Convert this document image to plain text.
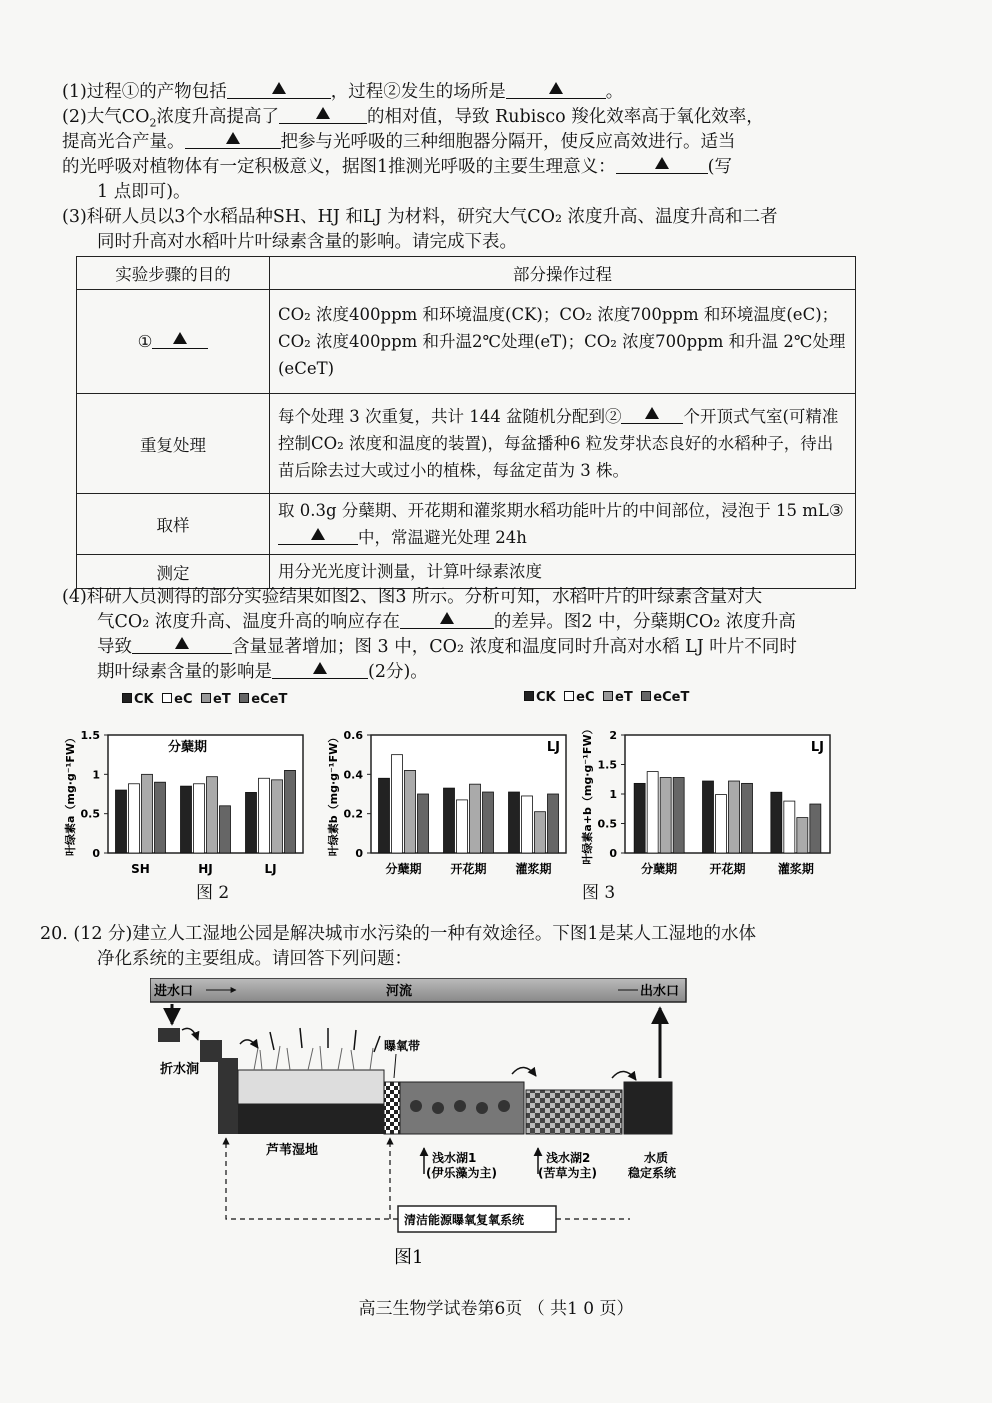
(1)过程①的产物包括	，过程②发生的场所是	。
(2)大气$CO_2$浓度升高提高了	的相对值，导致 Rubisco 羧化效率高于氧化效率，
提高光合产量。	把参与光呼吸的三种细胞器分隔开，使反应高效进行。适当
的光呼吸对植物体有一定积极意义，据图1推测光呼吸的主要生理意义：	(写
1 点即可)。
(3)科研人员以3个水稻品种SH、HJ 和LJ 为材料，研究大气CO₂ 浓度升高、温度升高和二者
同时升高对水稻叶片叶绿素含量的影响。请完成下表。
实验步骤的目的	部分操作过程
①	CO₂ 浓度400ppm 和环境温度(CK)；CO₂ 浓度700ppm 和环境温度(eC)；CO₂ 浓度400ppm 和升温2℃处理(eT)；CO₂ 浓度700ppm 和升温 2℃处理(eCeT)
重复处理	每个处理 3 次重复，共计 144 盆随机分配到② 个开顶式气室(可精准控制CO₂ 浓度和温度的装置)，每盆播种6 粒发芽状态良好的水稻种子，待出苗后除去过大或过小的植株，每盆定苗为 3 株。
取样	取 0.3g 分蘖期、开花期和灌浆期水稻功能叶片的中间部位，浸泡于 15 mL③中，常温避光处理 24h
测定	用分光光度计测量，计算叶绿素浓度
(4)科研人员测得的部分实验结果如图2、图3 所示。分析可知，水稻叶片的叶绿素含量对大
气CO₂ 浓度升高、温度升高的响应存在	的差异。图2 中，分蘖期CO₂ 浓度升高
导致	含量显著增加；图 3 中，CO₂ 浓度和温度同时升高对水稻 LJ 叶片不同时
期叶绿素含量的影响是	(2分)。
CK eC eT eCeT	CK eC eT eCeT
0
0.5
1
1.5
叶绿素a（mg·g⁻¹FW）	分蘖期
SH	HJ	LJ
0
0.2
0.4
0.6
叶绿素b（mg·g⁻¹FW）	LJ
分蘖期 开花期 灌浆期
0
0.5
1
1.5
2
叶绿素a+b（mg·g⁻¹FW）	LJ
分蘖期	开花期	灌浆期
图 2	图 3
20. (12 分)建立人工湿地公园是解决城市水污染的一种有效途径。下图1是某人工湿地的水体
净化系统的主要组成。请回答下列问题：
进水口	河流	出水口
折水涧
芦苇湿地
曝氧带
浅水湖1
(伊乐藻为主)
浅水湖2
(苦草为主)
水质
稳定系统
清洁能源曝氧复氧系统
图1
高三生物学试卷第6页 （ 共1 0 页）
